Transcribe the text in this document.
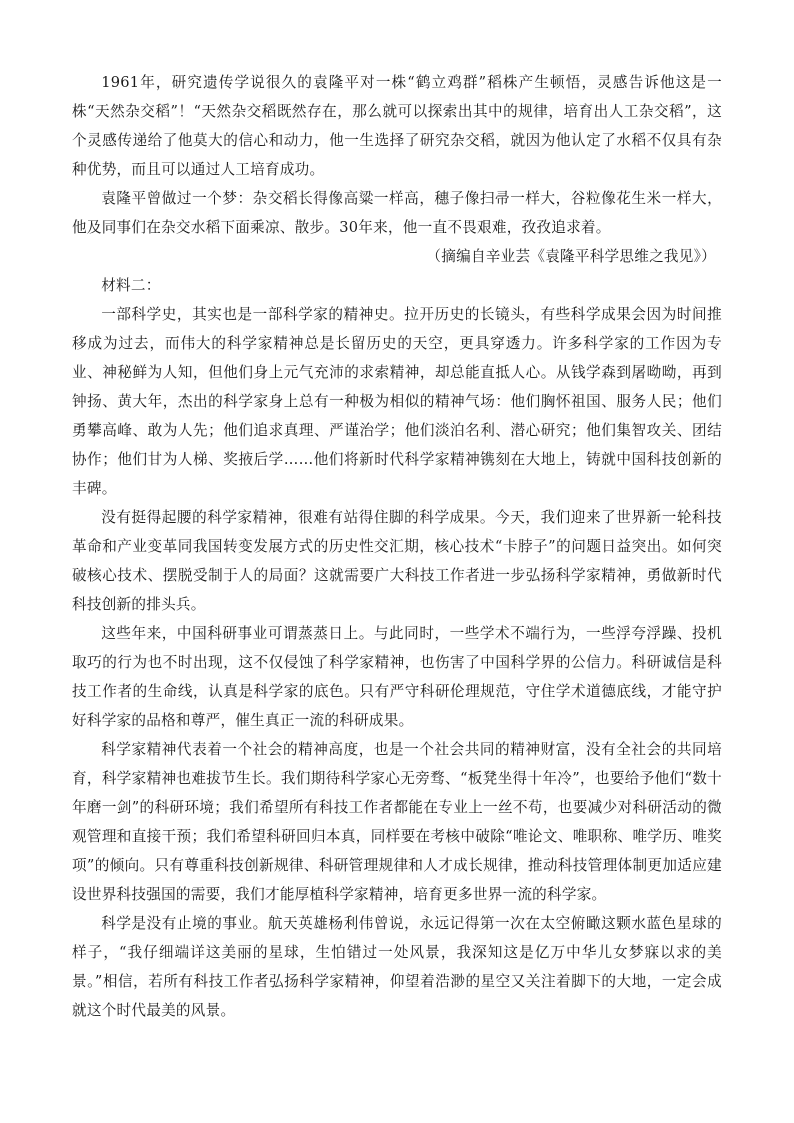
1961年，研究遗传学说很久的袁隆平对一株“鹤立鸡群”稻株产生顿悟，灵感告诉他这是一株“天然杂交稻”！“天然杂交稻既然存在，那么就可以探索出其中的规律，培育出人工杂交稻”，这个灵感传递给了他莫大的信心和动力，他一生选择了研究杂交稻，就因为他认定了水稻不仅具有杂种优势，而且可以通过人工培育成功。

袁隆平曾做过一个梦：杂交稻长得像高粱一样高，穗子像扫帚一样大，谷粒像花生米一样大，他及同事们在杂交水稻下面乘凉、散步。30年来，他一直不畏艰难，孜孜追求着。

（摘编自辛业芸《袁隆平科学思维之我见》）

材料二：

一部科学史，其实也是一部科学家的精神史。拉开历史的长镜头，有些科学成果会因为时间推移成为过去，而伟大的科学家精神总是长留历史的天空，更具穿透力。许多科学家的工作因为专业、神秘鲜为人知，但他们身上元气充沛的求索精神，却总能直抵人心。从钱学森到屠呦呦，再到钟扬、黄大年，杰出的科学家身上总有一种极为相似的精神气场：他们胸怀祖国、服务人民；他们勇攀高峰、敢为人先；他们追求真理、严谨治学；他们淡泊名利、潜心研究；他们集智攻关、团结协作；他们甘为人梯、奖掖后学……他们将新时代科学家精神镌刻在大地上，铸就中国科技创新的丰碑。

没有挺得起腰的科学家精神，很难有站得住脚的科学成果。今天，我们迎来了世界新一轮科技革命和产业变革同我国转变发展方式的历史性交汇期，核心技术“卡脖子”的问题日益突出。如何突破核心技术、摆脱受制于人的局面？这就需要广大科技工作者进一步弘扬科学家精神，勇做新时代科技创新的排头兵。

这些年来，中国科研事业可谓蒸蒸日上。与此同时，一些学术不端行为，一些浮夸浮躁、投机取巧的行为也不时出现，这不仅侵蚀了科学家精神，也伤害了中国科学界的公信力。科研诚信是科技工作者的生命线，认真是科学家的底色。只有严守科研伦理规范，守住学术道德底线，才能守护好科学家的品格和尊严，催生真正一流的科研成果。

科学家精神代表着一个社会的精神高度，也是一个社会共同的精神财富，没有全社会的共同培育，科学家精神也难拔节生长。我们期待科学家心无旁骛、“板凳坐得十年冷”，也要给予他们“数十年磨一剑”的科研环境；我们希望所有科技工作者都能在专业上一丝不苟，也要减少对科研活动的微观管理和直接干预；我们希望科研回归本真，同样要在考核中破除“唯论文、唯职称、唯学历、唯奖项”的倾向。只有尊重科技创新规律、科研管理规律和人才成长规律，推动科技管理体制更加适应建设世界科技强国的需要，我们才能厚植科学家精神，培育更多世界一流的科学家。

科学是没有止境的事业。航天英雄杨利伟曾说，永远记得第一次在太空俯瞰这颗水蓝色星球的样子，“我仔细端详这美丽的星球，生怕错过一处风景，我深知这是亿万中华儿女梦寐以求的美景。”相信，若所有科技工作者弘扬科学家精神，仰望着浩渺的星空又关注着脚下的大地，一定会成就这个时代最美的风景。
